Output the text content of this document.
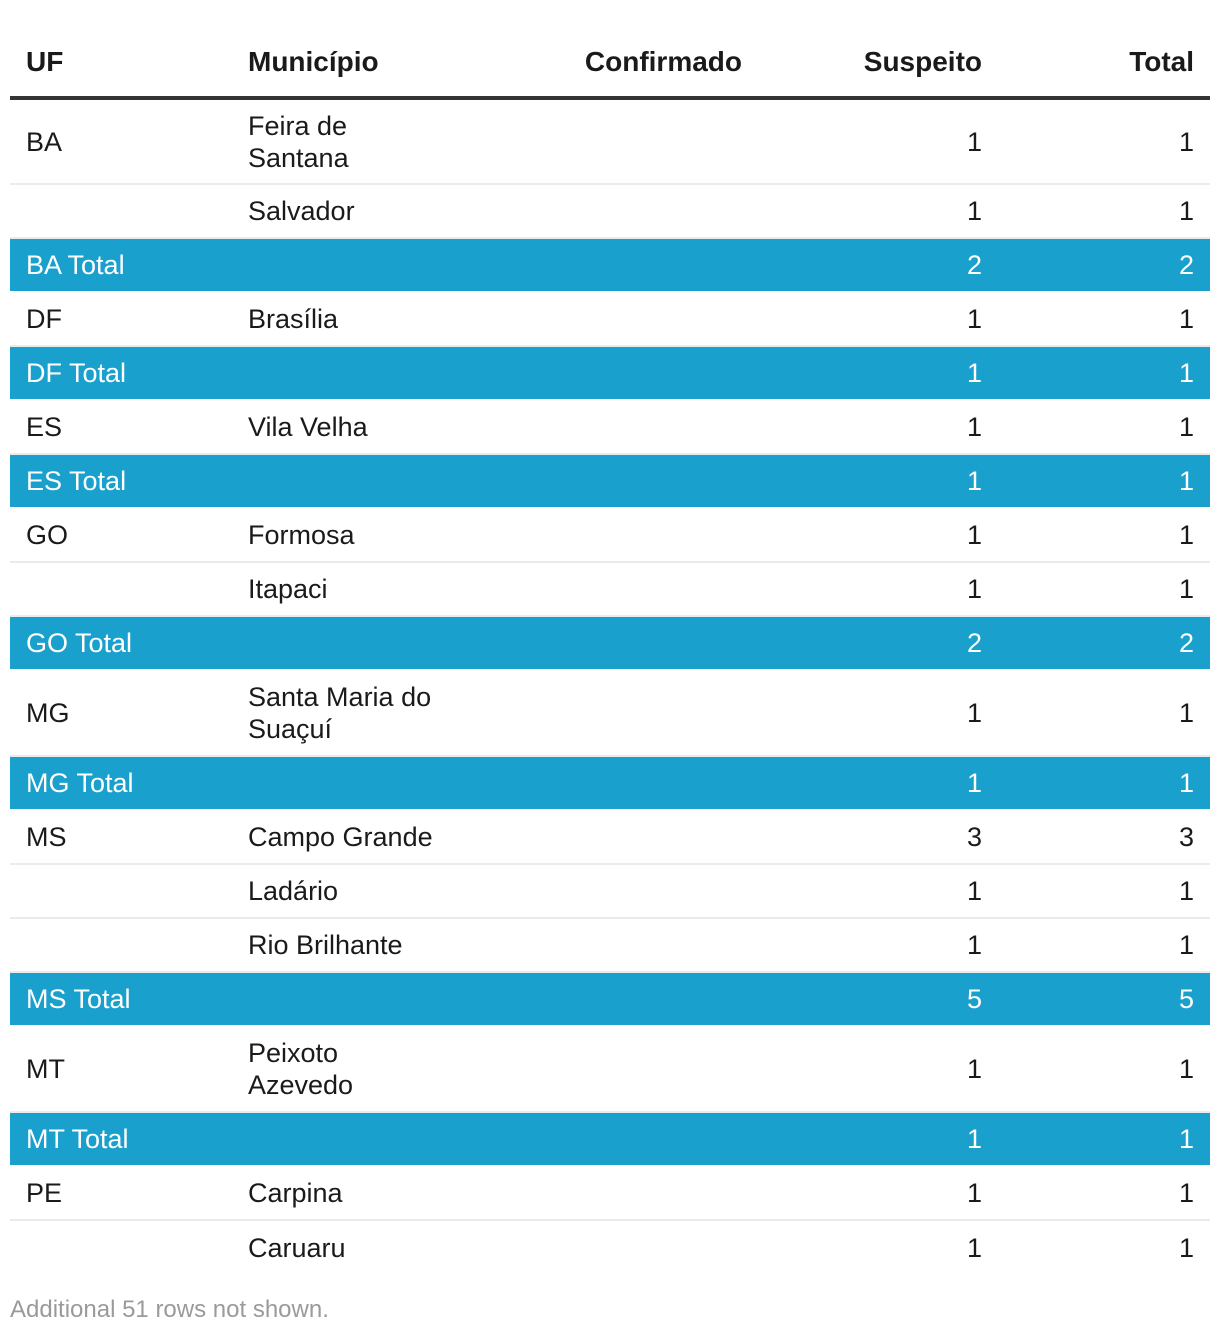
UF	Município	Confirmado	Suspeito	Total
BA	Feira de Santana		1	1
	Salvador		1	1
BA Total			2	2
DF	Brasília		1	1
DF Total			1	1
ES	Vila Velha		1	1
ES Total			1	1
GO	Formosa		1	1
	Itapaci		1	1
GO Total			2	2
MG	Santa Maria do Suaçuí		1	1
MG Total			1	1
MS	Campo Grande		3	3
	Ladário		1	1
	Rio Brilhante		1	1
MS Total			5	5
MT	Peixoto Azevedo		1	1
MT Total			1	1
PE	Carpina		1	1
	Caruaru		1	1
Additional 51 rows not shown.
